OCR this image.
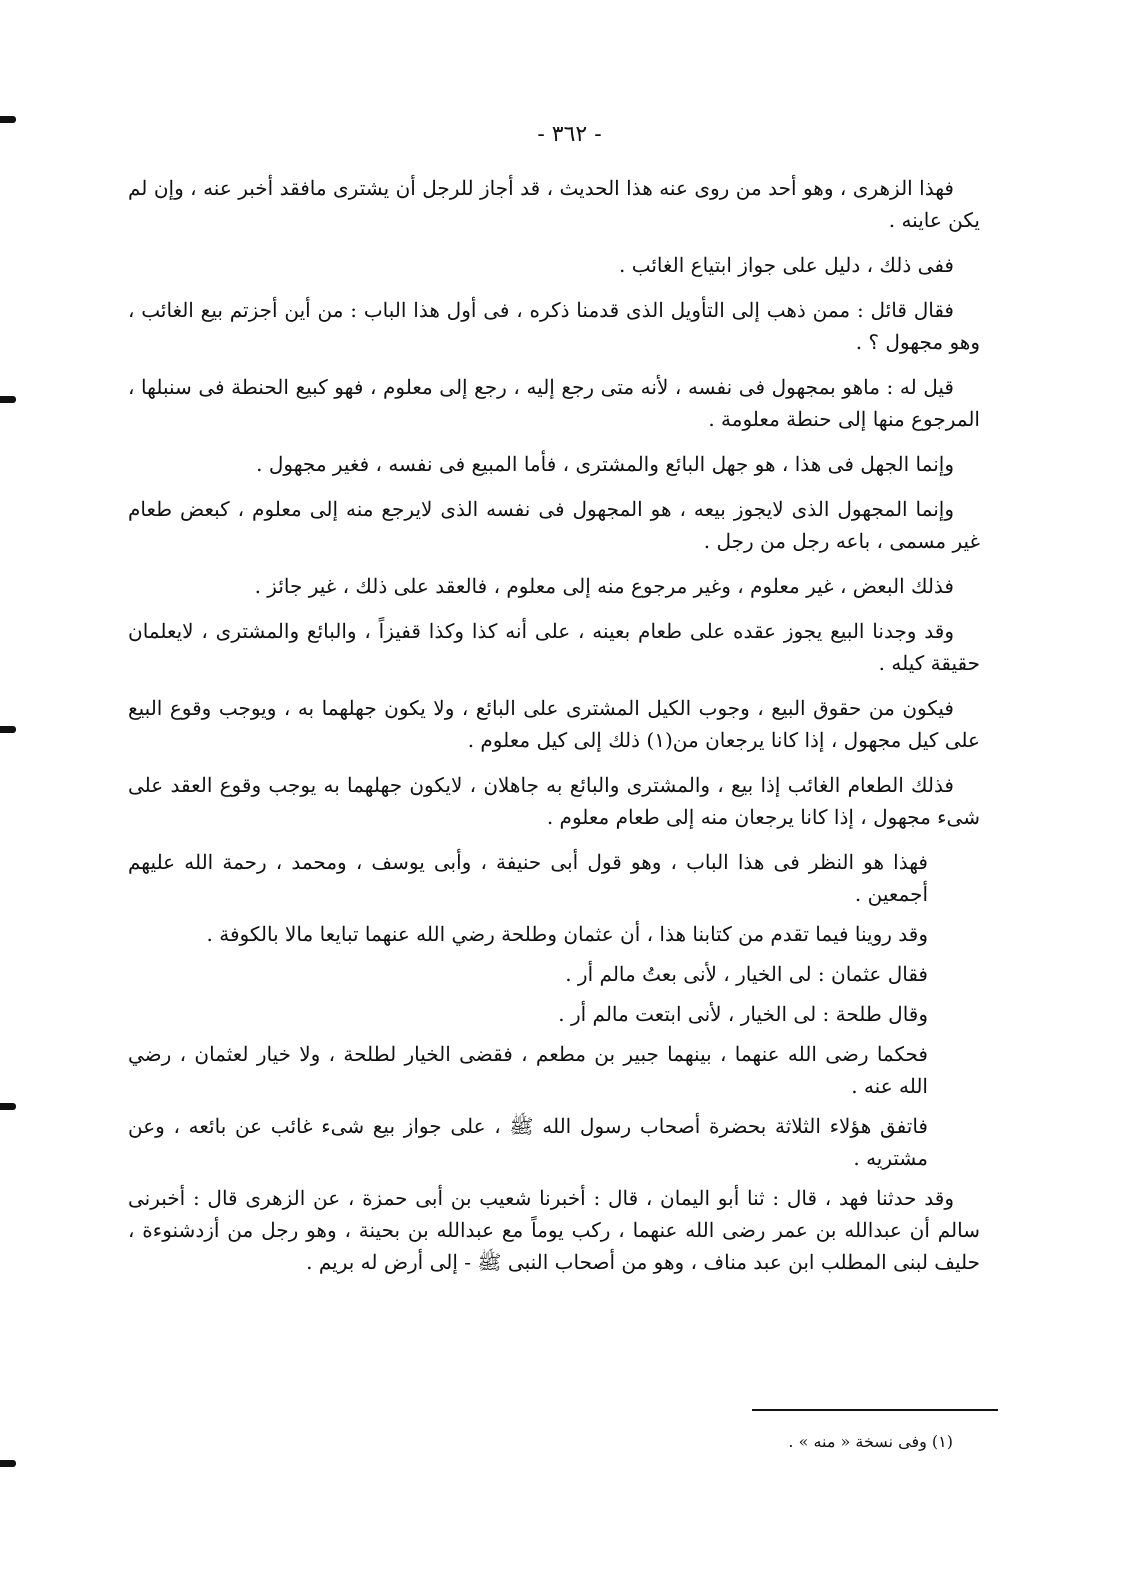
- ٣٦٢ -

فهذا الزهرى ، وهو أحد من روى عنه هذا الحديث ، قد أجاز للرجل أن يشترى مافقد أخبر عنه ، وإن لم يكن عاينه .

ففى ذلك ، دليل على جواز ابتياع الغائب .

فقال قائل : ممن ذهب إلى التأويل الذى قدمنا ذكره ، فى أول هذا الباب : من أين أجزتم بيع الغائب ، وهو مجهول ؟ .

قيل له : ماهو بمجهول فى نفسه ، لأنه متى رجع إليه ، رجع إلى معلوم ، فهو كبيع الحنطة فى سنبلها ، المرجوع منها إلى حنطة معلومة .

وإنما الجهل فى هذا ، هو جهل البائع والمشترى ، فأما المبيع فى نفسه ، فغير مجهول .

وإنما المجهول الذى لايجوز بيعه ، هو المجهول فى نفسه الذى لايرجع منه إلى معلوم ، كبعض طعام غير مسمى ، باعه رجل من رجل .

فذلك البعض ، غير معلوم ، وغير مرجوع منه إلى معلوم ، فالعقد على ذلك ، غير جائز .

وقد وجدنا البيع يجوز عقده على طعام بعينه ، على أنه كذا وكذا قفيزاً ، والبائع والمشترى ، لايعلمان حقيقة كيله .

فيكون من حقوق البيع ، وجوب الكيل المشترى على البائع ، ولا يكون جهلهما به ، ويوجب وقوع البيع على كيل مجهول ، إذا كانا يرجعان من(١) ذلك إلى كيل معلوم .

فذلك الطعام الغائب إذا بيع ، والمشترى والبائع به جاهلان ، لايكون جهلهما به يوجب وقوع العقد على شىء مجهول ، إذا كانا يرجعان منه إلى طعام معلوم .

فهذا هو النظر فى هذا الباب ، وهو قول أبى حنيفة ، وأبى يوسف ، ومحمد ، رحمة الله عليهم أجمعين .

وقد روينا فيما تقدم من كتابنا هذا ، أن عثمان وطلحة رضي الله عنهما تبايعا مالا بالكوفة .

فقال عثمان : لى الخيار ، لأنى بعتُ مالم أر .

وقال طلحة : لى الخيار ، لأنى ابتعت مالم أر .

فحكما رضى الله عنهما ، بينهما جبير بن مطعم ، فقضى الخيار لطلحة ، ولا خيار لعثمان ، رضي الله عنه .

فاتفق هؤلاء الثلاثة بحضرة أصحاب رسول الله ﷺ ، على جواز بيع شىء غائب عن بائعه ، وعن مشتريه .

وقد حدثنا فهد ، قال : ثنا أبو اليمان ، قال : أخبرنا شعيب بن أبى حمزة ، عن الزهرى قال : أخبرنى سالم أن عبدالله بن عمر رضى الله عنهما ، ركب يوماً مع عبدالله بن بحينة ، وهو رجل من أزدشنوءة ، حليف لبنى المطلب ابن عبد مناف ، وهو من أصحاب النبى ﷺ - إلى أرض له بريم .

(١) وفى نسخة « منه » .
